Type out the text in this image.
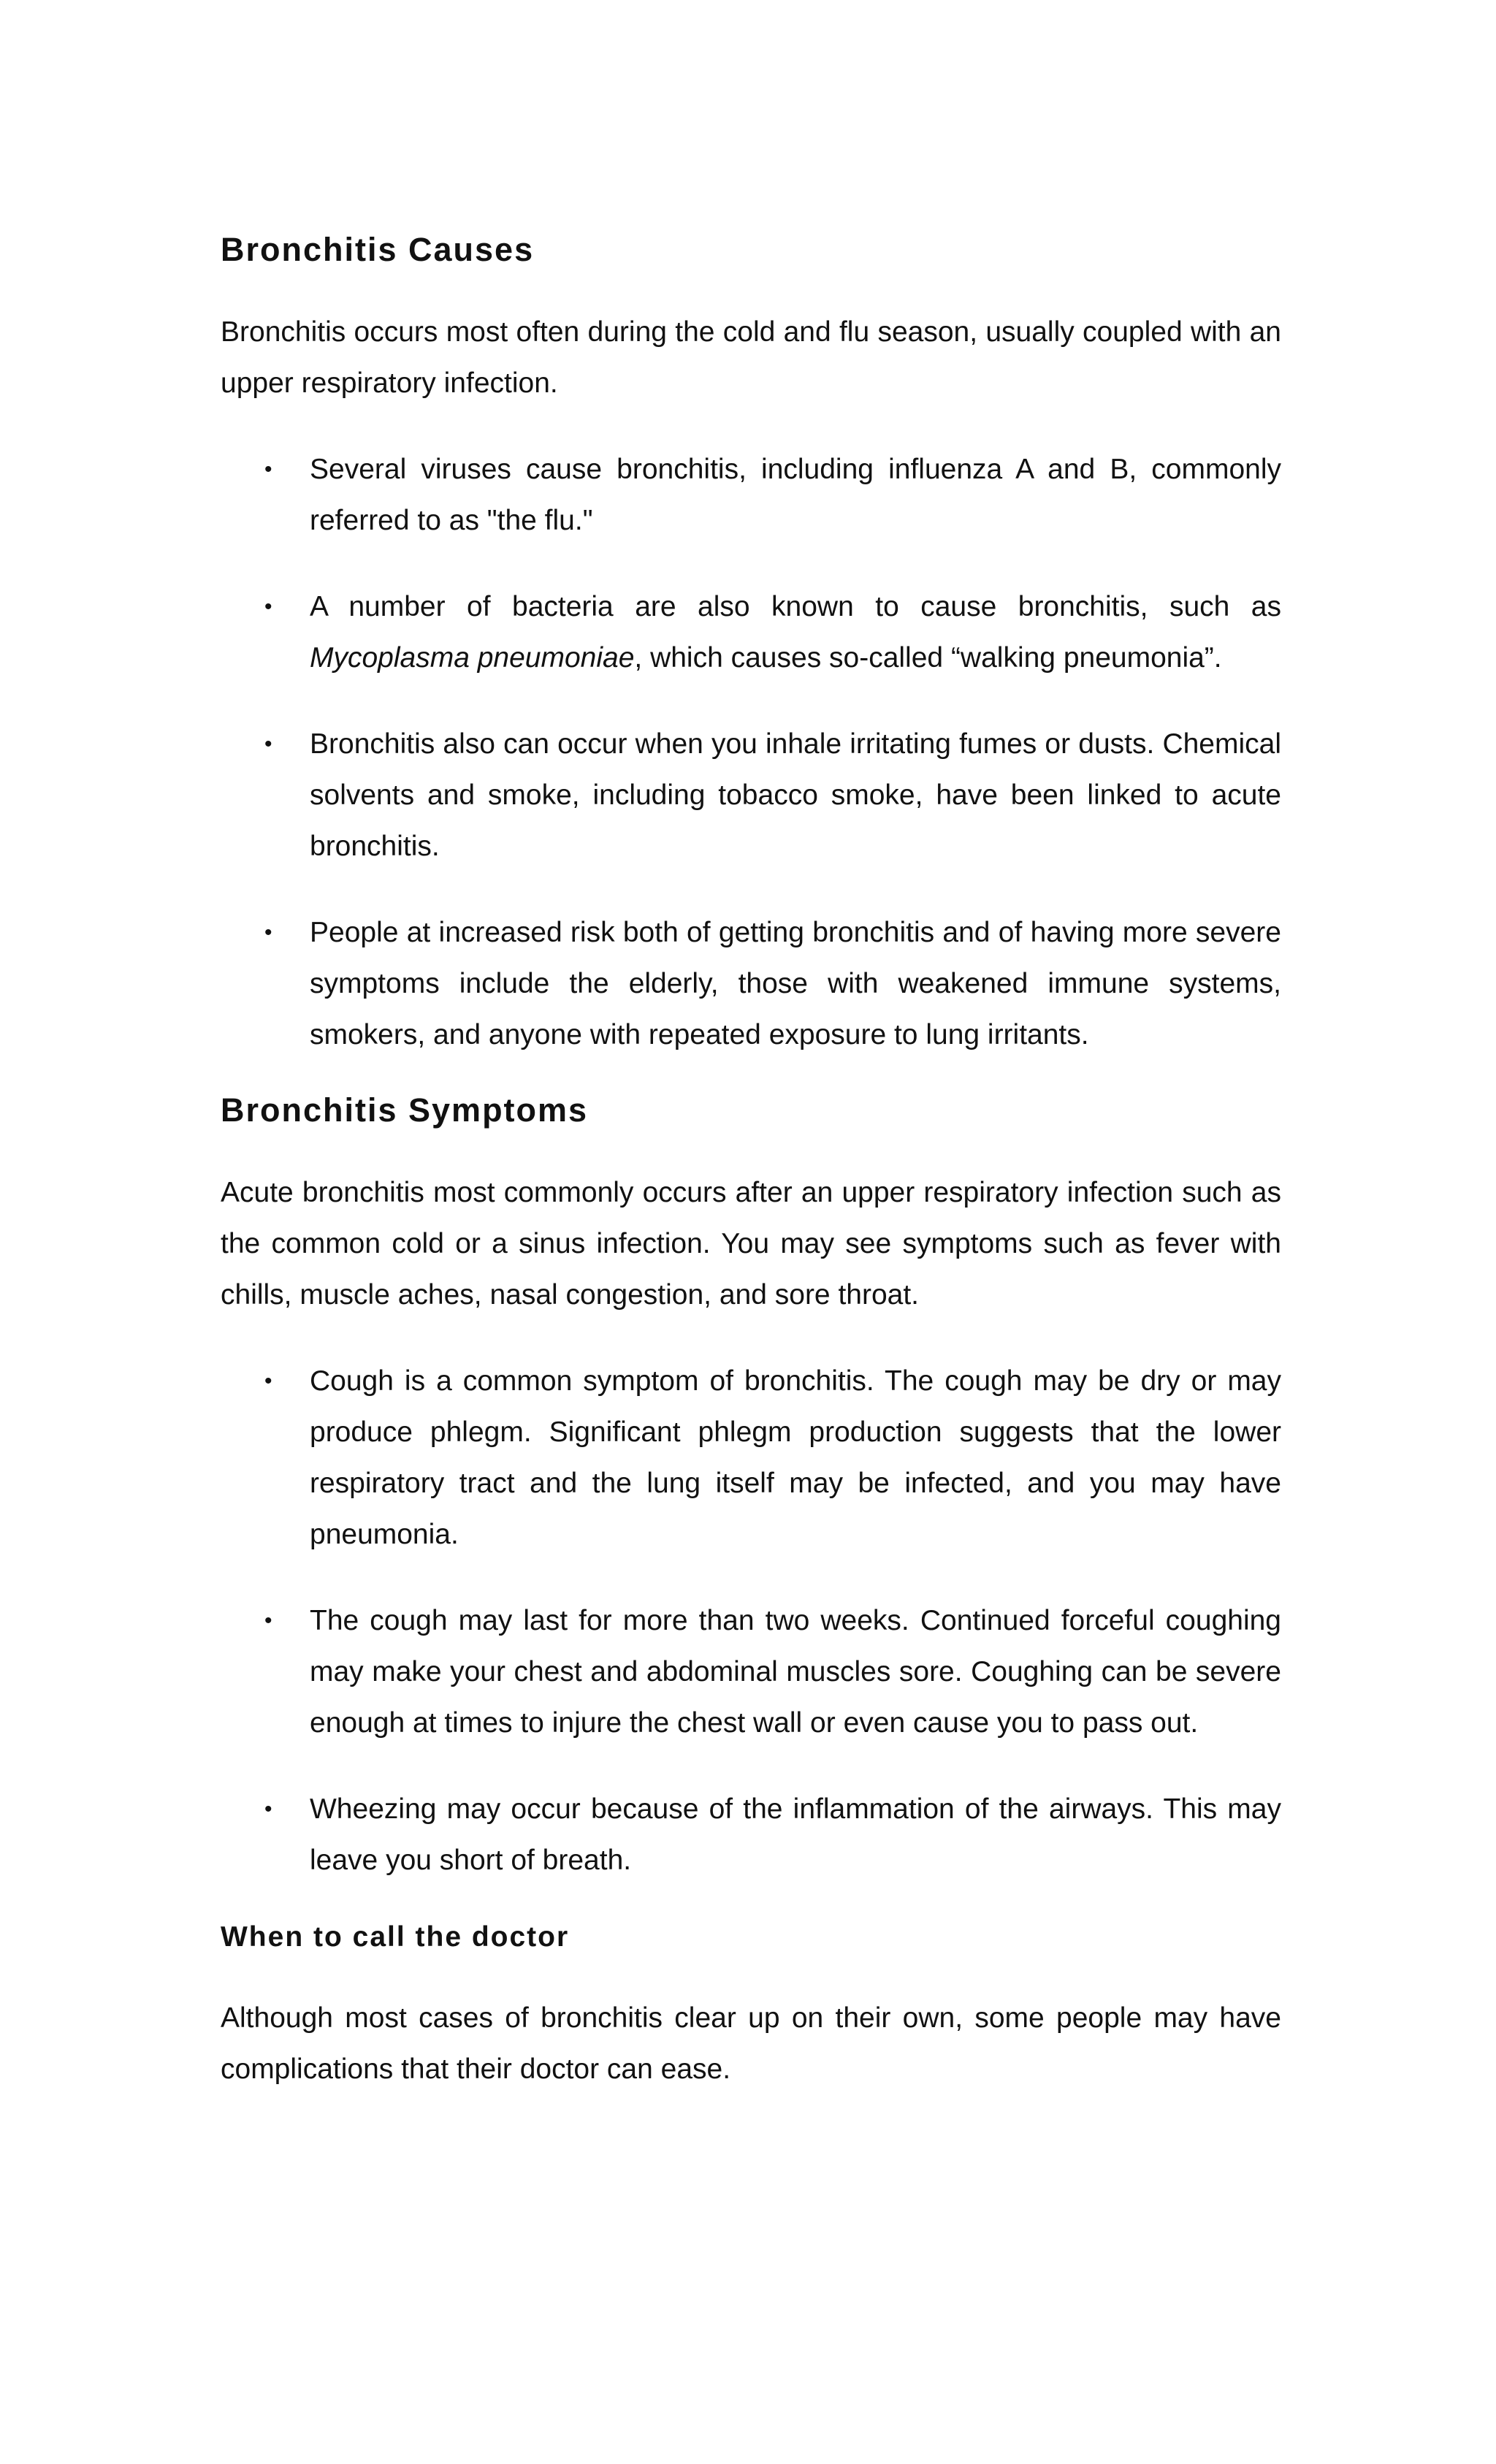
Bronchitis Causes

Bronchitis occurs most often during the cold and flu season, usually coupled with an upper respiratory infection.

• Several viruses cause bronchitis, including influenza A and B, commonly referred to as "the flu."
• A number of bacteria are also known to cause bronchitis, such as Mycoplasma pneumoniae, which causes so-called “walking pneumonia”.
• Bronchitis also can occur when you inhale irritating fumes or dusts. Chemical solvents and smoke, including tobacco smoke, have been linked to acute bronchitis.
• People at increased risk both of getting bronchitis and of having more severe symptoms include the elderly, those with weakened immune systems, smokers, and anyone with repeated exposure to lung irritants.
Bronchitis Symptoms

Acute bronchitis most commonly occurs after an upper respiratory infection such as the common cold or a sinus infection. You may see symptoms such as fever with chills, muscle aches, nasal congestion, and sore throat.

• Cough is a common symptom of bronchitis. The cough may be dry or may produce phlegm. Significant phlegm production suggests that the lower respiratory tract and the lung itself may be infected, and you may have pneumonia.
• The cough may last for more than two weeks. Continued forceful coughing may make your chest and abdominal muscles sore. Coughing can be severe enough at times to injure the chest wall or even cause you to pass out.
• Wheezing may occur because of the inflammation of the airways. This may leave you short of breath.
When to call the doctor

Although most cases of bronchitis clear up on their own, some people may have complications that their doctor can ease.
